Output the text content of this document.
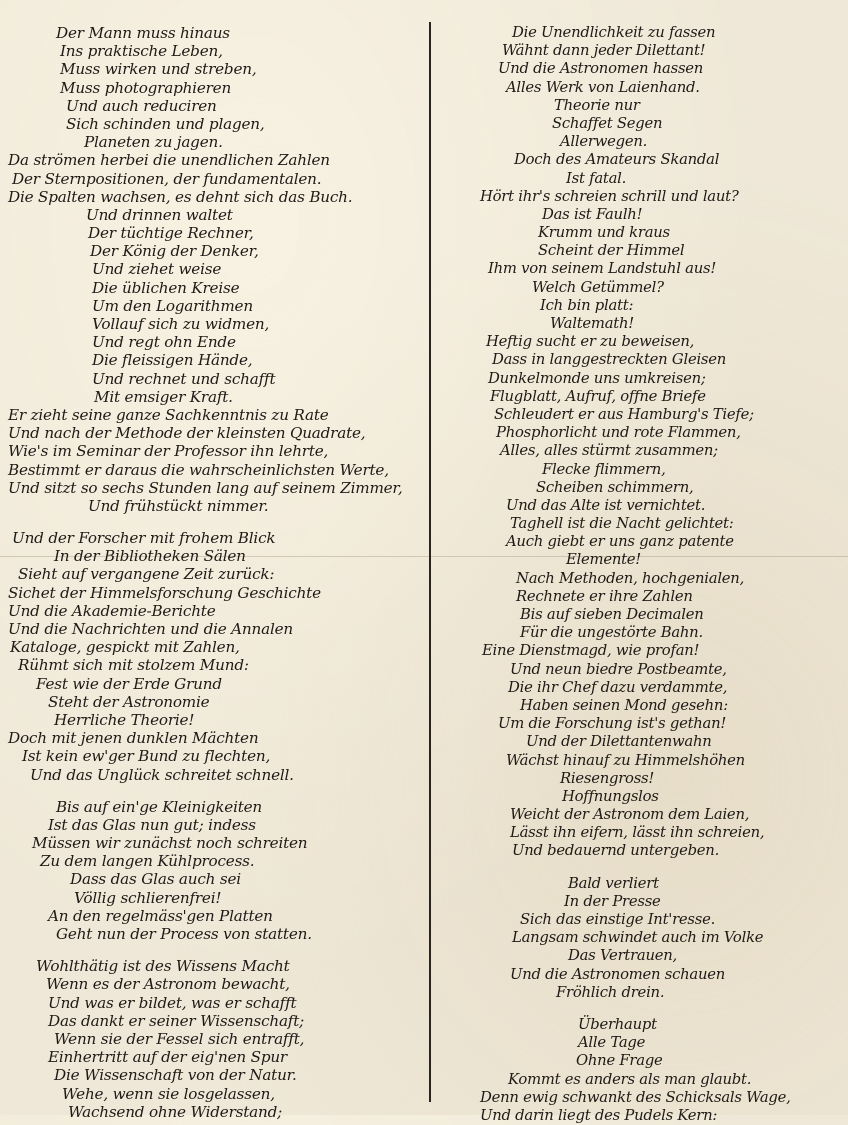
Der Mann muss hinaus
Ins praktische Leben,
Muss wirken und streben,
Muss photographieren
Und auch reduciren
Sich schinden und plagen,
Planeten zu jagen.
Da strömen herbei die unendlichen Zahlen
Der Sternpositionen, der fundamentalen.
Die Spalten wachsen, es dehnt sich das Buch.
Und drinnen waltet
Der tüchtige Rechner,
Der König der Denker,
Und ziehet weise
Die üblichen Kreise
Um den Logarithmen
Vollauf sich zu widmen,
Und regt ohn Ende
Die fleissigen Hände,
Und rechnet und schafft
Mit emsiger Kraft.
Er zieht seine ganze Sachkenntnis zu Rate
Und nach der Methode der kleinsten Quadrate,
Wie's im Seminar der Professor ihn lehrte,
Bestimmt er daraus die wahrscheinlichsten Werte,
Und sitzt so sechs Stunden lang auf seinem Zimmer,
Und frühstückt nimmer.
Und der Forscher mit frohem Blick
In der Bibliotheken Sälen
Sieht auf vergangene Zeit zurück:
Sichet der Himmelsforschung Geschichte
Und die Akademie-Berichte
Und die Nachrichten und die Annalen
Kataloge, gespickt mit Zahlen,
Rühmt sich mit stolzem Mund:
Fest wie der Erde Grund
Steht der Astronomie
Herrliche Theorie!
Doch mit jenen dunklen Mächten
Ist kein ew'ger Bund zu flechten,
Und das Unglück schreitet schnell.
Bis auf ein'ge Kleinigkeiten
Ist das Glas nun gut; indess
Müssen wir zunächst noch schreiten
Zu dem langen Kühlprocess.
Dass das Glas auch sei
Völlig schlierenfrei!
An den regelmäss'gen Platten
Geht nun der Process von statten.
Wohlthätig ist des Wissens Macht
Wenn es der Astronom bewacht,
Und was er bildet, was er schafft
Das dankt er seiner Wissenschaft;
Wenn sie der Fessel sich entrafft,
Einhertritt auf der eig'nen Spur
Die Wissenschaft von der Natur.
Wehe, wenn sie losgelassen,
Wachsend ohne Widerstand;
Die Unendlichkeit zu fassen
Wähnt dann jeder Dilettant!
Und die Astronomen hassen
Alles Werk von Laienhand.
Theorie nur
Schaffet Segen
Allerwegen.
Doch des Amateurs Skandal
Ist fatal.
Hört ihr's schreien schrill und laut?
Das ist Faulh!
Krumm und kraus
Scheint der Himmel
Ihm von seinem Landstuhl aus!
Welch Getümmel?
Ich bin platt:
Waltemath!
Heftig sucht er zu beweisen,
Dass in langgestreckten Gleisen
Dunkelmonde uns umkreisen;
Flugblatt, Aufruf, offne Briefe
Schleudert er aus Hamburg's Tiefe;
Phosphorlicht und rote Flammen,
Alles, alles stürmt zusammen;
Flecke flimmern,
Scheiben schimmern,
Und das Alte ist vernichtet.
Taghell ist die Nacht gelichtet:
Auch giebt er uns ganz patente
Elemente!
Nach Methoden, hochgenialen,
Rechnete er ihre Zahlen
Bis auf sieben Decimalen
Für die ungestörte Bahn.
Eine Dienstmagd, wie profan!
Und neun biedre Postbeamte,
Die ihr Chef dazu verdammte,
Haben seinen Mond gesehn:
Um die Forschung ist's gethan!
Und der Dilettantenwahn
Wächst hinauf zu Himmelshöhen
Riesengross!
Hoffnungslos
Weicht der Astronom dem Laien,
Lässt ihn eifern, lässt ihn schreien,
Und bedauernd untergeben.
Bald verliert
In der Presse
Sich das einstige Int'resse.
Langsam schwindet auch im Volke
Das Vertrauen,
Und die Astronomen schauen
Fröhlich drein.
Überhaupt
Alle Tage
Ohne Frage
Kommt es anders als man glaubt.
Denn ewig schwankt des Schicksals Wage,
Und darin liegt des Pudels Kern:
